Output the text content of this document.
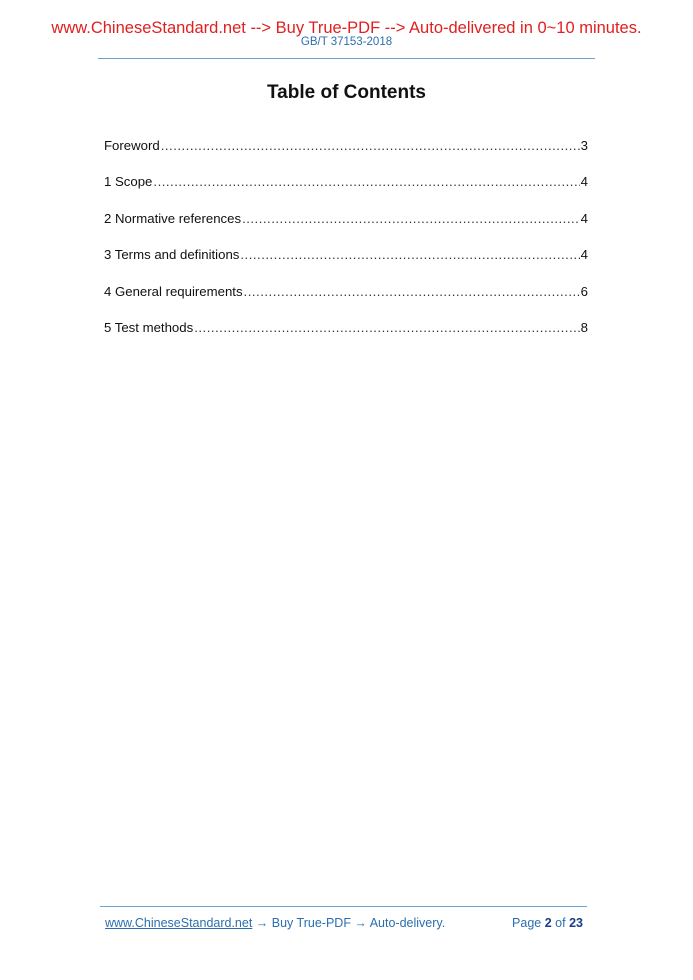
www.ChineseStandard.net --> Buy True-PDF --> Auto-delivered in 0~10 minutes.
GB/T 37153-2018
Table of Contents
Foreword .....	3
1 Scope .....	4
2 Normative references .....	4
3 Terms and definitions .....	4
4 General requirements .....	6
5 Test methods .....	8
www.ChineseStandard.net → Buy True-PDF → Auto-delivery.	Page 2 of 23
